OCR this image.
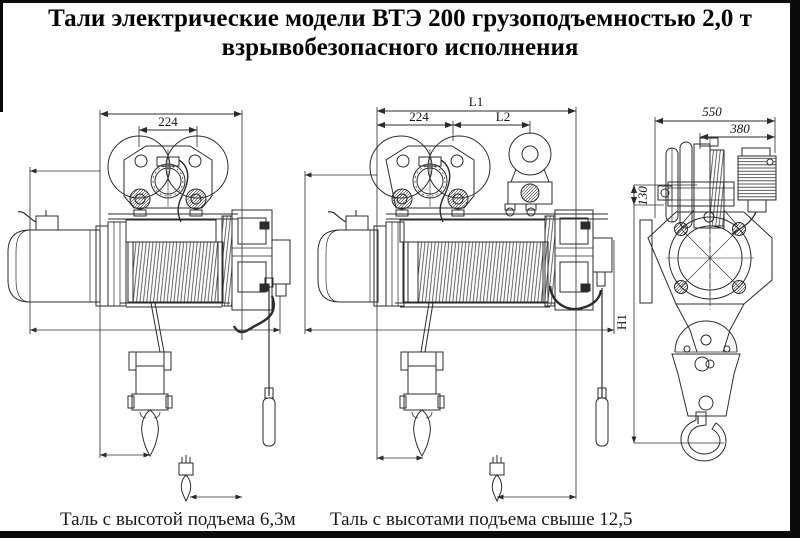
Тали электрические модели ВТЭ 200 грузоподъемностью 2,0 т
взрывобезопасного исполнения
224
L1
224	L2	550
380
130
H1
Таль с высотой подъема 6,3м Таль с высотами подъема свыше 12,5
